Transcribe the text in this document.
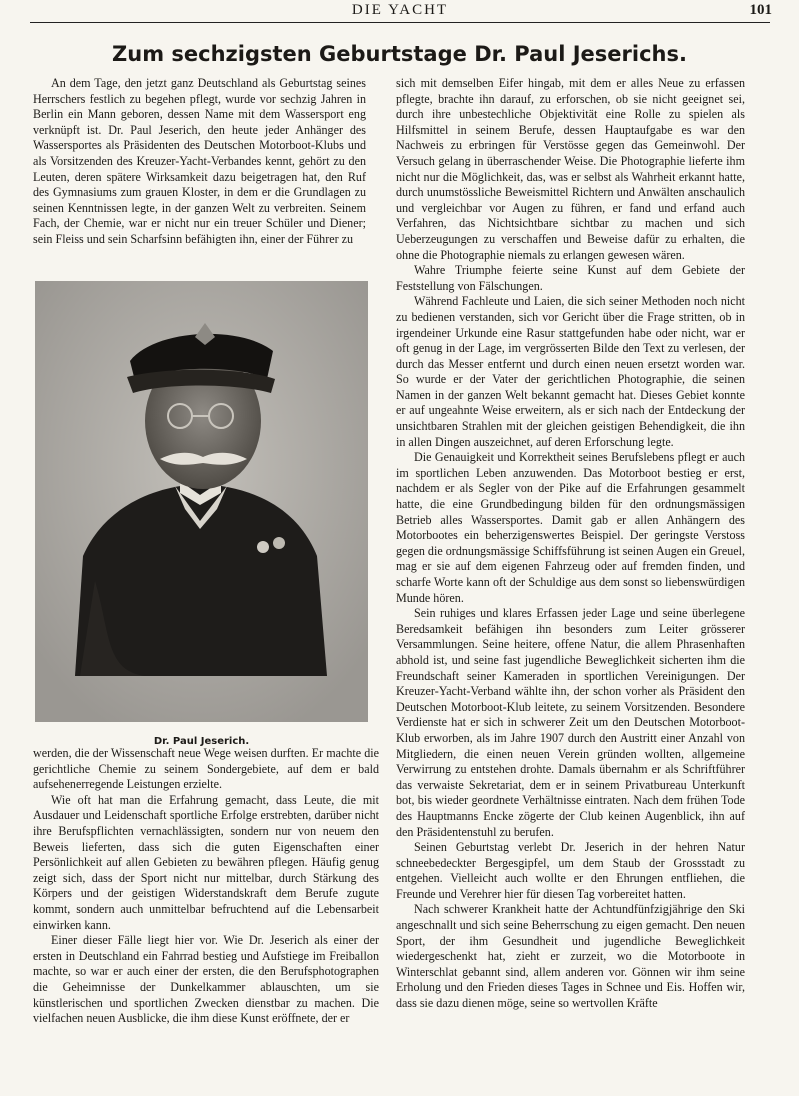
DIE YACHT	101
Zum sechzigsten Geburtstage Dr. Paul Jeserichs.

An dem Tage, den jetzt ganz Deutschland als Geburtstag seines Herrschers festlich zu begehen pflegt, wurde vor sechzig Jahren in Berlin ein Mann geboren, dessen Name mit dem Wassersport eng verknüpft ist. Dr. Paul Jeserich, den heute jeder Anhänger des Wassersportes als Präsidenten des Deutschen Motorboot-Klubs und als Vorsitzenden des Kreuzer-Yacht-Verbandes kennt, gehört zu den Leuten, deren spätere Wirksamkeit dazu beigetragen hat, den Ruf des Gymnasiums zum grauen Kloster, in dem er die Grundlagen zu seinen Kenntnissen legte, in der ganzen Welt zu verbreiten. Seinem Fach, der Chemie, war er nicht nur ein treuer Schüler und Diener; sein Fleiss und sein Scharfsinn befähigten ihn, einer der Führer zu

Dr. Paul Jeserich.

werden, die der Wissenschaft neue Wege weisen durften. Er machte die gerichtliche Chemie zu seinem Sondergebiete, auf dem er bald aufsehenerregende Leistungen erzielte.

Wie oft hat man die Erfahrung gemacht, dass Leute, die mit Ausdauer und Leidenschaft sportliche Erfolge erstrebten, darüber nicht ihre Berufspflichten vernachlässigten, sondern nur von neuem den Beweis lieferten, dass sich die guten Eigenschaften einer Persönlichkeit auf allen Gebieten zu bewähren pflegen. Häufig genug zeigt sich, dass der Sport nicht nur mittelbar, durch Stärkung des Körpers und der geistigen Widerstandskraft dem Berufe zugute kommt, sondern auch unmittelbar befruchtend auf die Lebensarbeit einwirken kann.

Einer dieser Fälle liegt hier vor. Wie Dr. Jeserich als einer der ersten in Deutschland ein Fahrrad bestieg und Aufstiege im Freiballon machte, so war er auch einer der ersten, die den Berufsphotographen die Geheimnisse der Dunkelkammer ablauschten, um sie künstlerischen und sportlichen Zwecken dienstbar zu machen. Die vielfachen neuen Ausblicke, die ihm diese Kunst eröffnete, der er

sich mit demselben Eifer hingab, mit dem er alles Neue zu erfassen pflegte, brachte ihn darauf, zu erforschen, ob sie nicht geeignet sei, durch ihre unbestechliche Objektivität eine Rolle zu spielen als Hilfsmittel in seinem Berufe, dessen Hauptaufgabe es war den Nachweis zu erbringen für Verstösse gegen das Gemeinwohl. Der Versuch gelang in überraschender Weise. Die Photographie lieferte ihm nicht nur die Möglichkeit, das, was er selbst als Wahrheit erkannt hatte, durch unumstössliche Beweismittel Richtern und Anwälten anschaulich und vergleichbar vor Augen zu führen, er fand und erfand auch Verfahren, das Nichtsichtbare sichtbar zu machen und sich Ueberzeugungen zu verschaffen und Beweise dafür zu erhalten, die ohne die Photographie niemals zu erlangen gewesen wären.

Wahre Triumphe feierte seine Kunst auf dem Gebiete der Feststellung von Fälschungen.

Während Fachleute und Laien, die sich seiner Methoden noch nicht zu bedienen verstanden, sich vor Gericht über die Frage stritten, ob in irgendeiner Urkunde eine Rasur stattgefunden habe oder nicht, war er oft genug in der Lage, im vergrösserten Bilde den Text zu verlesen, der durch das Messer entfernt und durch einen neuen ersetzt worden war. So wurde er der Vater der gerichtlichen Photographie, die seinen Namen in der ganzen Welt bekannt gemacht hat. Dieses Gebiet konnte er auf ungeahnte Weise erweitern, als er sich nach der Entdeckung der unsichtbaren Strahlen mit der gleichen geistigen Behendigkeit, die ihn in allen Dingen auszeichnet, auf deren Erforschung legte.

Die Genauigkeit und Korrektheit seines Berufslebens pflegt er auch im sportlichen Leben anzuwenden. Das Motorboot bestieg er erst, nachdem er als Segler von der Pike auf die Erfahrungen gesammelt hatte, die eine Grundbedingung bilden für den ordnungsmässigen Betrieb alles Wassersportes. Damit gab er allen Anhängern des Motorbootes ein beherzigenswertes Beispiel. Der geringste Verstoss gegen die ordnungsmässige Schiffsführung ist seinen Augen ein Greuel, mag er sie auf dem eigenen Fahrzeug oder auf fremden finden, und scharfe Worte kann oft der Schuldige aus dem sonst so liebenswürdigen Munde hören.

Sein ruhiges und klares Erfassen jeder Lage und seine überlegene Beredsamkeit befähigen ihn besonders zum Leiter grösserer Versammlungen. Seine heitere, offene Natur, die allem Phrasenhaften abhold ist, und seine fast jugendliche Beweglichkeit sicherten ihm die Freundschaft seiner Kameraden in sportlichen Vereinigungen. Der Kreuzer-Yacht-Verband wählte ihn, der schon vorher als Präsident den Deutschen Motorboot-Klub leitete, zu seinem Vorsitzenden. Besondere Verdienste hat er sich in schwerer Zeit um den Deutschen Motorboot-Klub erworben, als im Jahre 1907 durch den Austritt einer Anzahl von Mitgliedern, die einen neuen Verein gründen wollten, allgemeine Verwirrung zu entstehen drohte. Damals übernahm er als Schriftführer das verwaiste Sekretariat, dem er in seinem Privatbureau Unterkunft bot, bis wieder geordnete Verhältnisse eintraten. Nach dem frühen Tode des Hauptmanns Encke zögerte der Club keinen Augenblick, ihn auf den Präsidentenstuhl zu berufen.

Seinen Geburtstag verlebt Dr. Jeserich in der hehren Natur schneebedeckter Bergesgipfel, um dem Staub der Grossstadt zu entgehen. Vielleicht auch wollte er den Ehrungen entfliehen, die Freunde und Verehrer hier für diesen Tag vorbereitet hatten.

Nach schwerer Krankheit hatte der Achtundfünfzigjährige den Ski angeschnallt und sich seine Beherrschung zu eigen gemacht. Den neuen Sport, der ihm Gesundheit und jugendliche Beweglichkeit wiedergeschenkt hat, zieht er zurzeit, wo die Motorboote in Winterschlat gebannt sind, allem anderen vor. Gönnen wir ihm seine Erholung und den Frieden dieses Tages in Schnee und Eis. Hoffen wir, dass sie dazu dienen möge, seine so wertvollen Kräfte
